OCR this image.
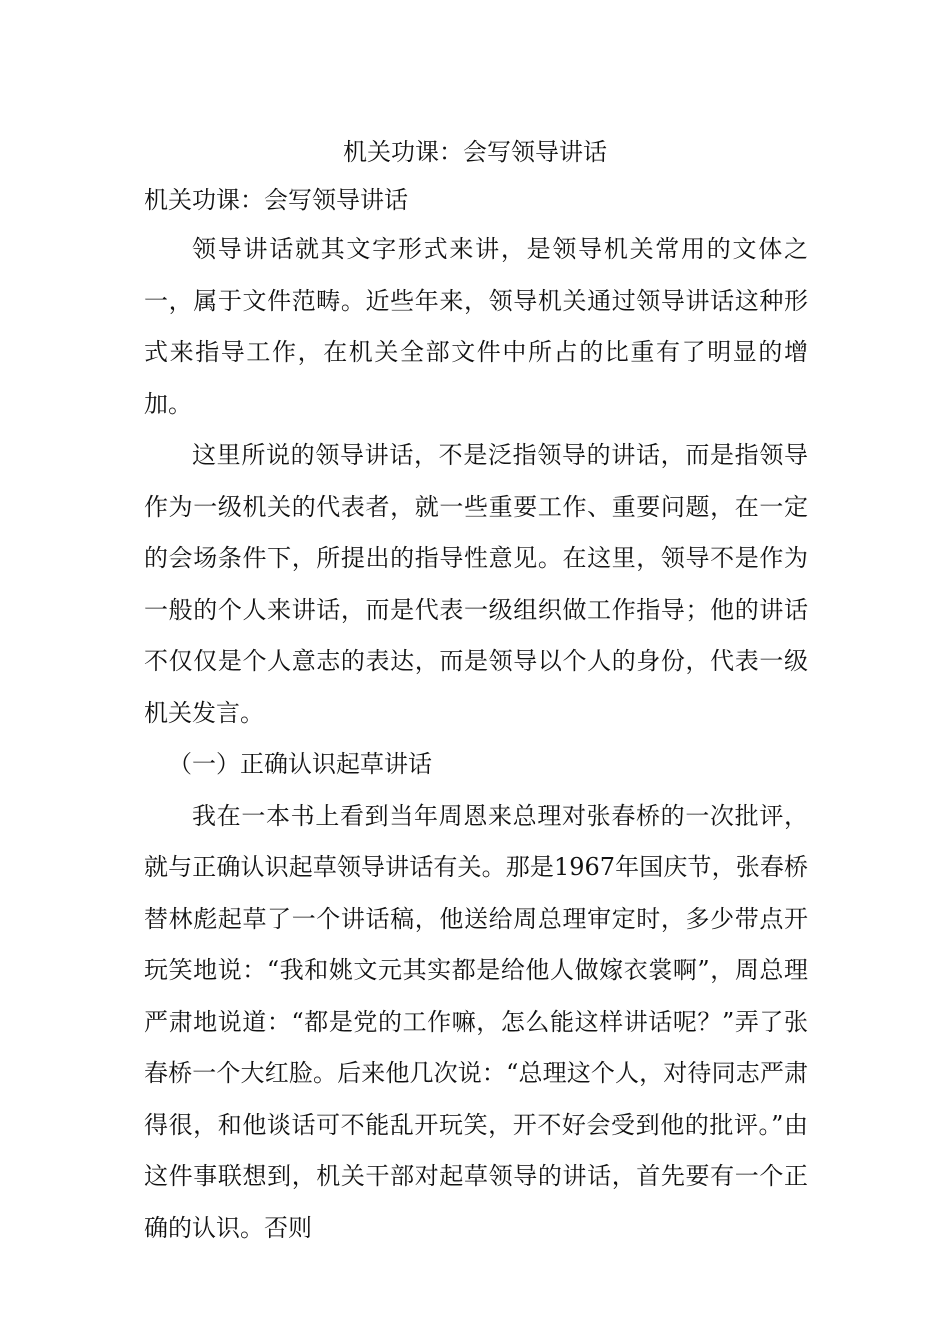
机关功课：会写领导讲话
机关功课：会写领导讲话

领导讲话就其文字形式来讲，是领导机关常用的文体之一，属于文件范畴。近些年来，领导机关通过领导讲话这种形式来指导工作，在机关全部文件中所占的比重有了明显的增加。

这里所说的领导讲话，不是泛指领导的讲话，而是指领导作为一级机关的代表者，就一些重要工作、重要问题，在一定的会场条件下，所提出的指导性意见。在这里，领导不是作为一般的个人来讲话，而是代表一级组织做工作指导；他的讲话不仅仅是个人意志的表达，而是领导以个人的身份，代表一级机关发言。

（一）正确认识起草讲话

我在一本书上看到当年周恩来总理对张春桥的一次批评，就与正确认识起草领导讲话有关。那是1967年国庆节，张春桥替林彪起草了一个讲话稿，他送给周总理审定时，多少带点开玩笑地说：“我和姚文元其实都是给他人做嫁衣裳啊”，周总理严肃地说道：“都是党的工作嘛，怎么能这样讲话呢？”弄了张春桥一个大红脸。后来他几次说：“总理这个人，对待同志严肃得很，和他谈话可不能乱开玩笑，开不好会受到他的批评。”由这件事联想到，机关干部对起草领导的讲话，首先要有一个正确的认识。否则
